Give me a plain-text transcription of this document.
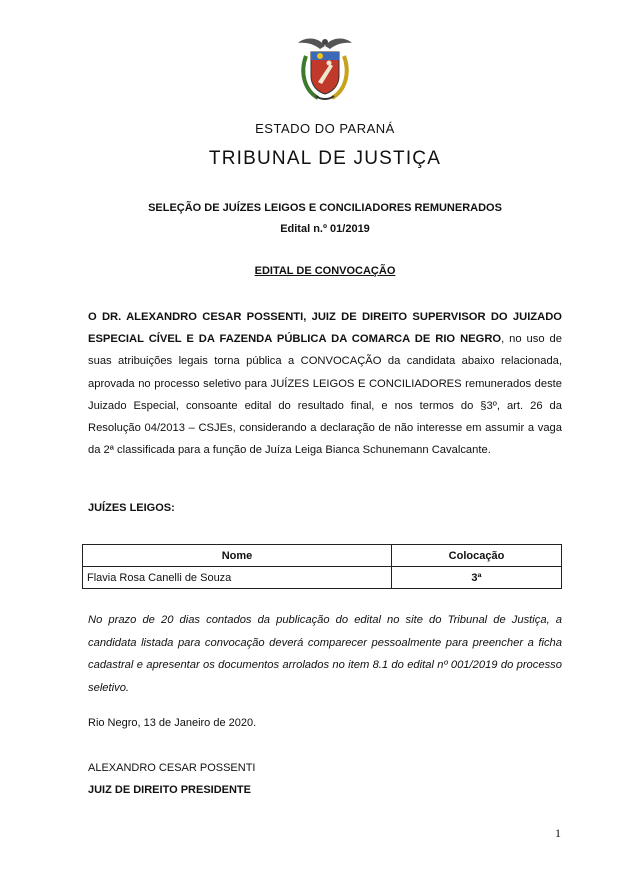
ESTADO DO PARANÁ
TRIBUNAL DE JUSTIÇA
SELEÇÃO DE JUÍZES LEIGOS E CONCILIADORES REMUNERADOS
Edital n.º 01/2019
EDITAL DE CONVOCAÇÃO
O DR. ALEXANDRO CESAR POSSENTI, JUIZ DE DIREITO SUPERVISOR DO JUIZADO ESPECIAL CÍVEL E DA FAZENDA PÚBLICA DA COMARCA DE RIO NEGRO, no uso de suas atribuições legais torna pública a CONVOCAÇÃO da candidata abaixo relacionada, aprovada no processo seletivo para JUÍZES LEIGOS E CONCILIADORES remunerados deste Juizado Especial, consoante edital do resultado final, e nos termos do §3º, art. 26 da Resolução 04/2013 – CSJEs, considerando a declaração de não interesse em assumir a vaga da 2ª classificada para a função de Juíza Leiga Bianca Schunemann Cavalcante.
JUÍZES LEIGOS:
Nome	Colocação
Flavia Rosa Canelli de Souza	3ª
No prazo de 20 dias contados da publicação do edital no site do Tribunal de Justiça, a candidata listada para convocação deverá comparecer pessoalmente para preencher a ficha cadastral e apresentar os documentos arrolados no item 8.1 do edital nº 001/2019 do processo seletivo.
Rio Negro, 13 de Janeiro de 2020.
ALEXANDRO CESAR POSSENTI
JUIZ DE DIREITO PRESIDENTE
1
